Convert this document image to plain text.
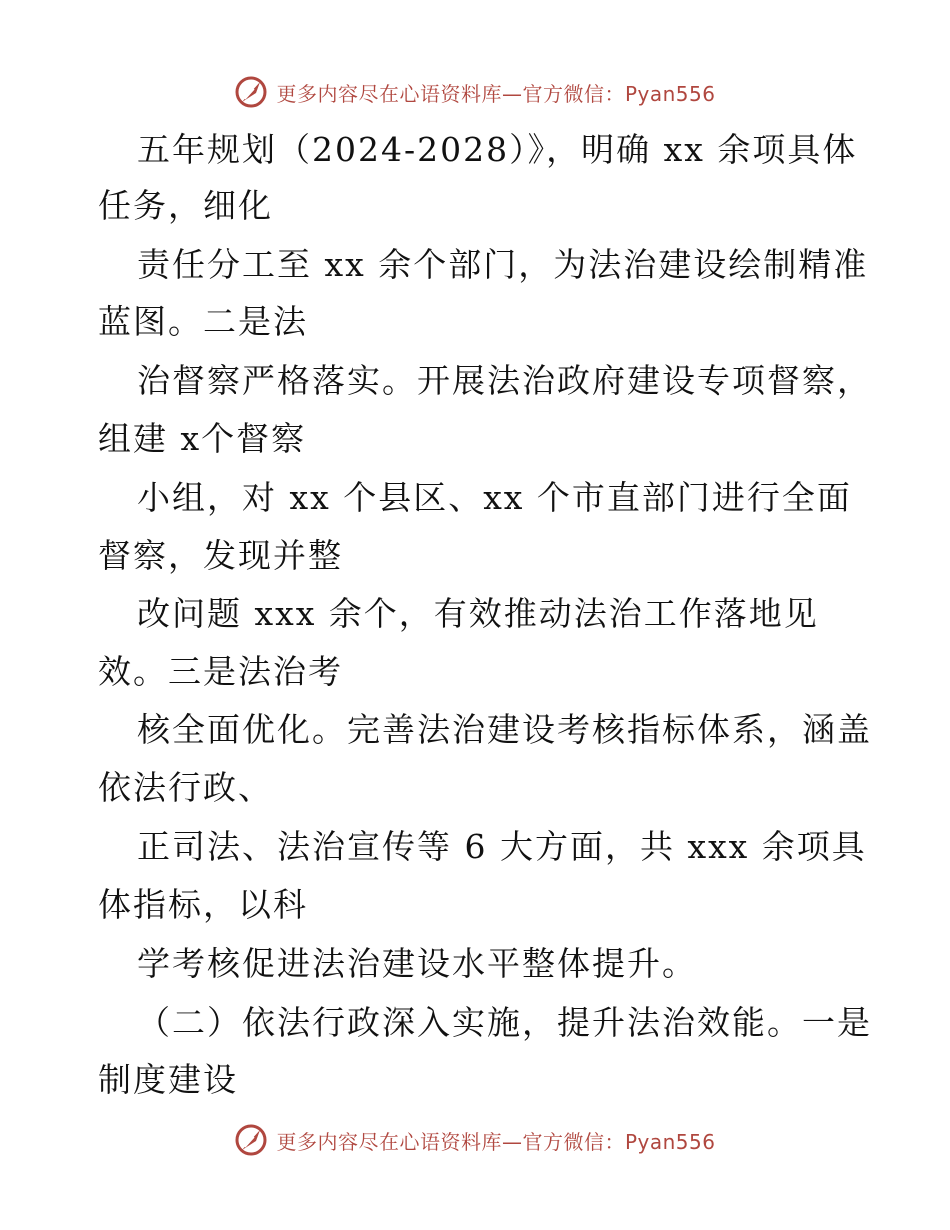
更多内容尽在心语资料库—官方微信：Pyan556

五年规划（2024-2028）》，明确 xx 余项具体

任务，细化

责任分工至 xx 余个部门，为法治建设绘制精准

蓝图。二是法

治督察严格落实。开展法治政府建设专项督察，

组建 x个督察

小组，对 xx 个县区、xx 个市直部门进行全面

督察，发现并整

改问题 xxx 余个，有效推动法治工作落地见

效。三是法治考

核全面优化。完善法治建设考核指标体系，涵盖

依法行政、

正司法、法治宣传等 6 大方面，共 xxx 余项具

体指标，以科

学考核促进法治建设水平整体提升。

（二）依法行政深入实施，提升法治效能。一是

制度建设

更多内容尽在心语资料库—官方微信：Pyan556
